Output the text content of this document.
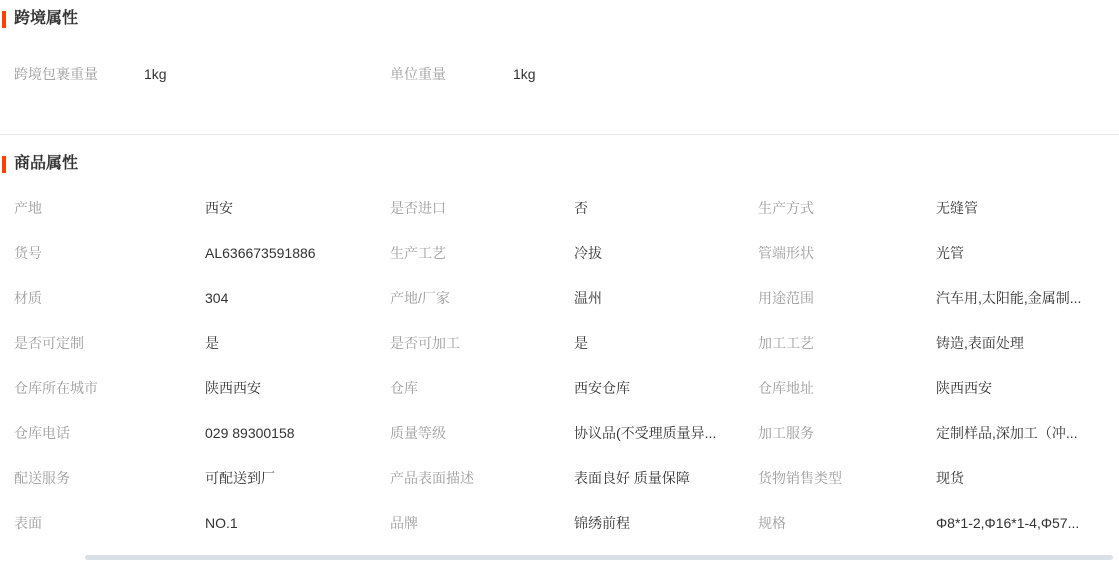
跨境属性
跨境包裹重量	1kg	单位重量	1kg
商品属性
产地	西安	是否进口	否	生产方式	无缝管
货号	AL636673591886	生产工艺	冷拔	管端形状	光管
材质	304	产地/厂家	温州	用途范围	汽车用,太阳能,金属制...
是否可定制	是	是否可加工	是	加工工艺	铸造,表面处理
仓库所在城市	陕西西安	仓库	西安仓库	仓库地址	陕西西安
仓库电话	029 89300158	质量等级	协议品(不受理质量异...	加工服务	定制样品,深加工（冲...
配送服务	可配送到厂	产品表面描述	表面良好 质量保障	货物销售类型	现货
表面	NO.1	品牌	锦绣前程	规格	Φ8*1-2,Φ16*1-4,Φ57...
